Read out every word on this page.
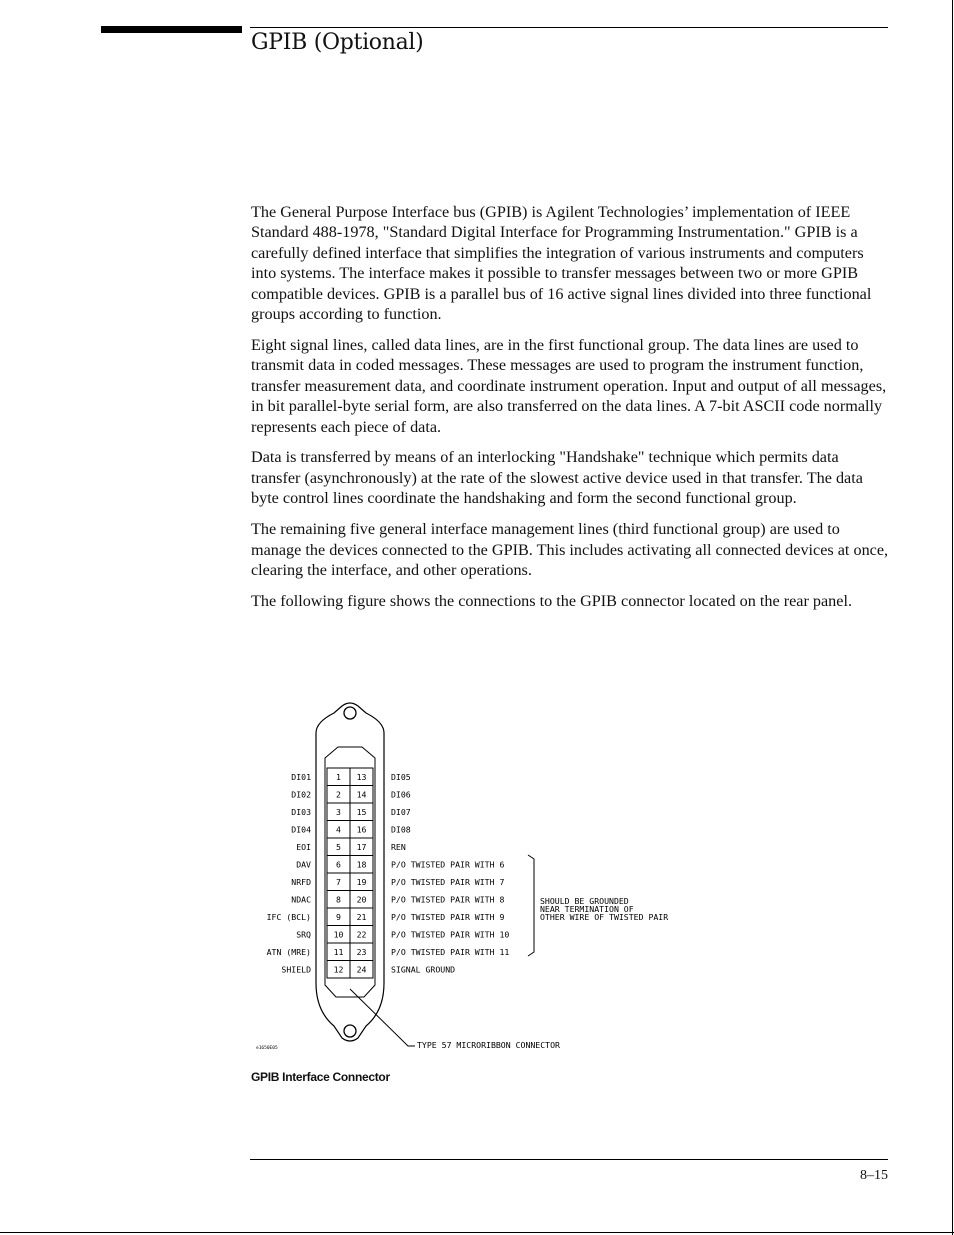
GPIB (Optional)

The General Purpose Interface bus (GPIB) is Agilent Technologies’ implementation of IEEE Standard 488-1978, "Standard Digital Interface for Programming Instrumentation." GPIB is a carefully defined interface that simplifies the integration of various instruments and computers into systems. The interface makes it possible to transfer messages between two or more GPIB compatible devices. GPIB is a parallel bus of 16 active signal lines divided into three functional groups according to function.

Eight signal lines, called data lines, are in the first functional group. The data lines are used to transmit data in coded messages. These messages are used to program the instrument function, transfer measurement data, and coordinate instrument operation. Input and output of all messages, in bit parallel-byte serial form, are also transferred on the data lines. A 7-bit ASCII code normally represents each piece of data.

Data is transferred by means of an interlocking "Handshake" technique which permits data transfer (asynchronously) at the rate of the slowest active device used in that transfer. The data byte control lines coordinate the handshaking and form the second functional group.

The remaining five general interface management lines (third functional group) are used to manage the devices connected to the GPIB. This includes activating all connected devices at once, clearing the interface, and other operations.

The following figure shows the connections to the GPIB connector located on the rear panel.

1 13
2 14
3 15
4 16
5 17
6 18
7 19
8 20
9 21
10 22
11 23
12 24
DI01
DI02
DI03
DI04
EOI
DAV
NRFD
NDAC
IFC (BCL)
SRQ
ATN (MRE)
SHIELD
DI05
DI06
DI07
DI08
REN
P/O TWISTED PAIR WITH 6
P/O TWISTED PAIR WITH 7
P/O TWISTED PAIR WITH 8
P/O TWISTED PAIR WITH 9
P/O TWISTED PAIR WITH 10
P/O TWISTED PAIR WITH 11
SIGNAL GROUND
SHOULD BE GROUNDED
NEAR TERMINATION OF
OTHER WIRE OF TWISTED PAIR
TYPE 57 MICRORIBBON CONNECTOR
e1650E05
GPIB Interface Connector
8–15
